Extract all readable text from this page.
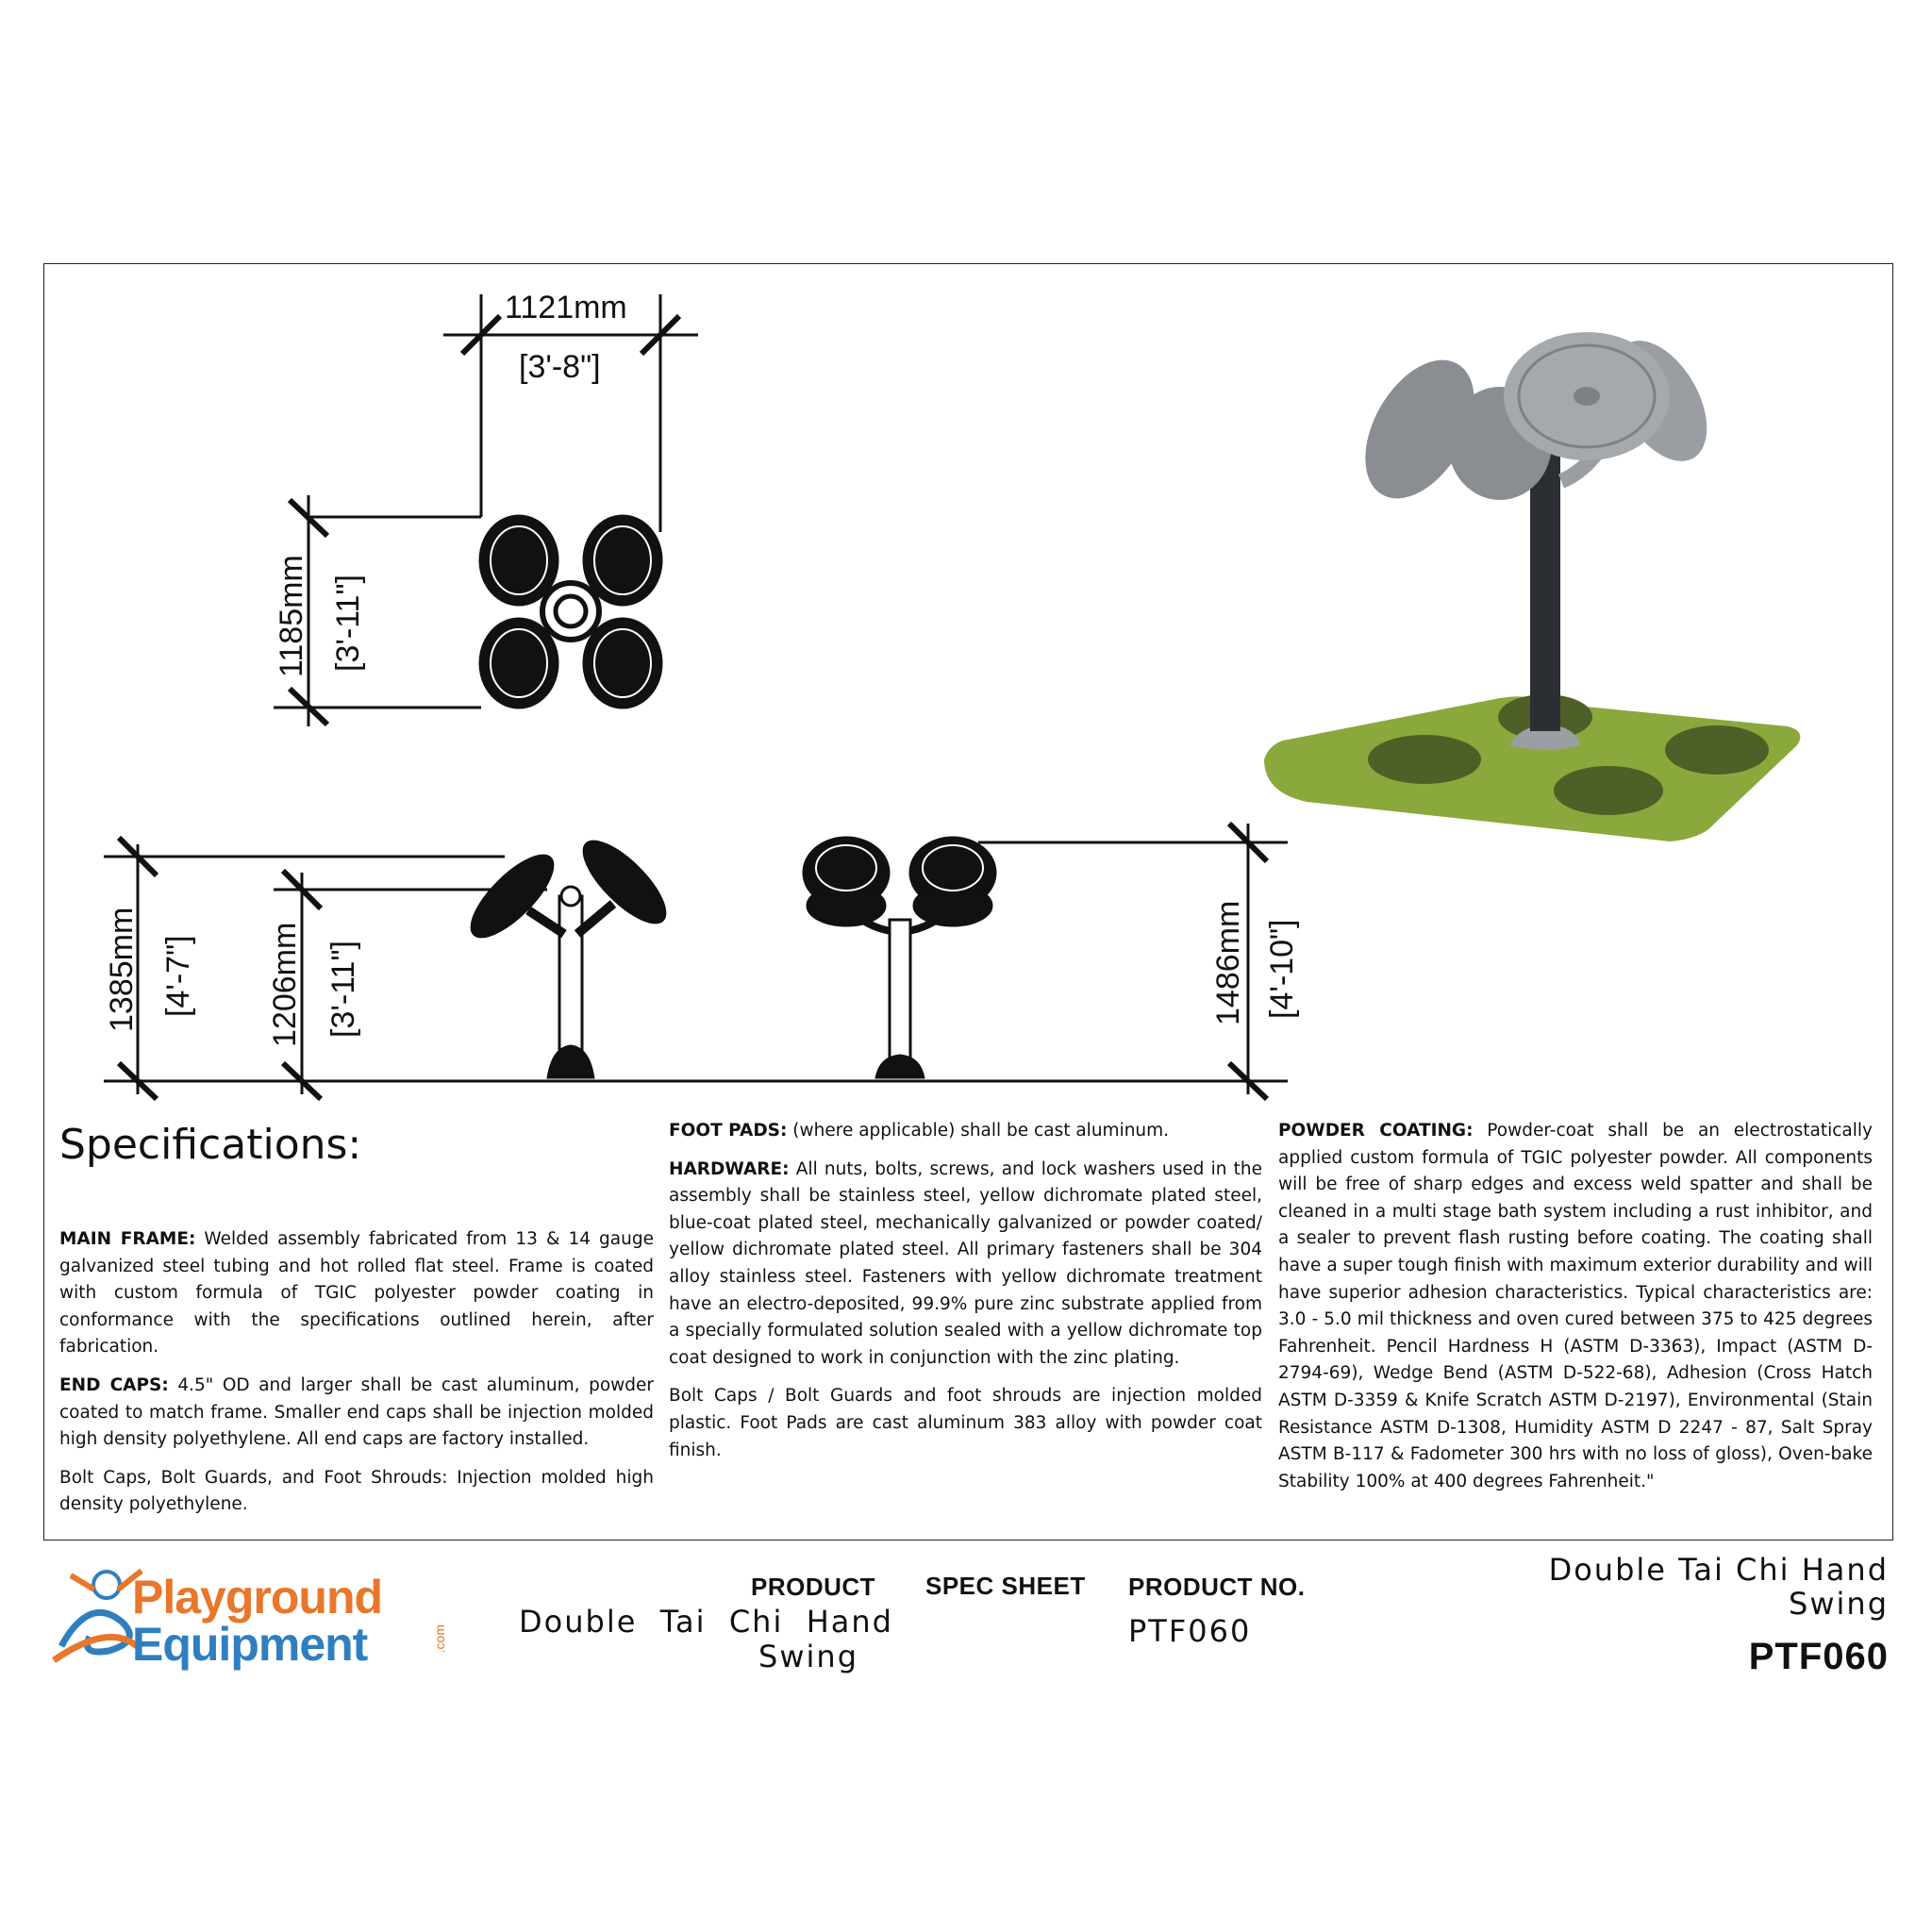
1121mm
[3'-8"]
1185mm [3'-11"]
1385mm [4'-7"] 1206mm [3'-11"]	1486mm [4'-10"]
Specifications:

MAIN FRAME: Welded assembly fabricated from 13 & 14 gauge galvanized steel tubing and hot rolled flat steel. Frame is coated with custom formula of TGIC polyester powder coating in conformance with the specifications outlined herein, after fabrication.

END CAPS: 4.5" OD and larger shall be cast aluminum, powder coated to match frame. Smaller end caps shall be injection molded high density polyethylene. All end caps are factory installed.

Bolt Caps, Bolt Guards, and Foot Shrouds: Injection molded high density polyethylene.

FOOT PADS: (where applicable) shall be cast aluminum.

HARDWARE: All nuts, bolts, screws, and lock washers used in the assembly shall be stainless steel, yellow dichromate plated steel, blue-coat plated steel, mechanically galvanized or powder coated/ yellow dichromate plated steel. All primary fasteners shall be 304 alloy stainless steel. Fasteners with yellow dichromate treatment have an electro-deposited, 99.9% pure zinc substrate applied from a specially formulated solution sealed with a yellow dichromate top coat designed to work in conjunction with the zinc plating.

Bolt Caps / Bolt Guards and foot shrouds are injection molded plastic. Foot Pads are cast aluminum 383 alloy with powder coat finish.

POWDER COATING: Powder-coat shall be an electrostatically applied custom formula of TGIC polyester powder. All components will be free of sharp edges and excess weld spatter and shall be cleaned in a multi stage bath system including a rust inhibitor, and a sealer to prevent flash rusting before coating. The coating shall have a super tough finish with maximum exterior durability and will have superior adhesion characteristics. Typical characteristics are: 3.0 - 5.0 mil thickness and oven cured between 375 to 425 degrees Fahrenheit. Pencil Hardness H (ASTM D-3363), Impact (ASTM D-2794-69), Wedge Bend (ASTM D-522-68), Adhesion (Cross Hatch ASTM D-3359 & Knife Scratch ASTM D-2197), Environmental (Stain Resistance ASTM D-1308, Humidity ASTM D 2247 - 87, Salt Spray ASTM B-117 & Fadometer 300 hrs with no loss of gloss), Oven-bake Stability 100% at 400 degrees Fahrenheit."

Playground
Equipment	.com
PRODUCT
Double  Tai  Chi  Hand
Swing
SPEC SHEET PRODUCT NO.
PTF060
Double Tai Chi Hand
Swing
PTF060
